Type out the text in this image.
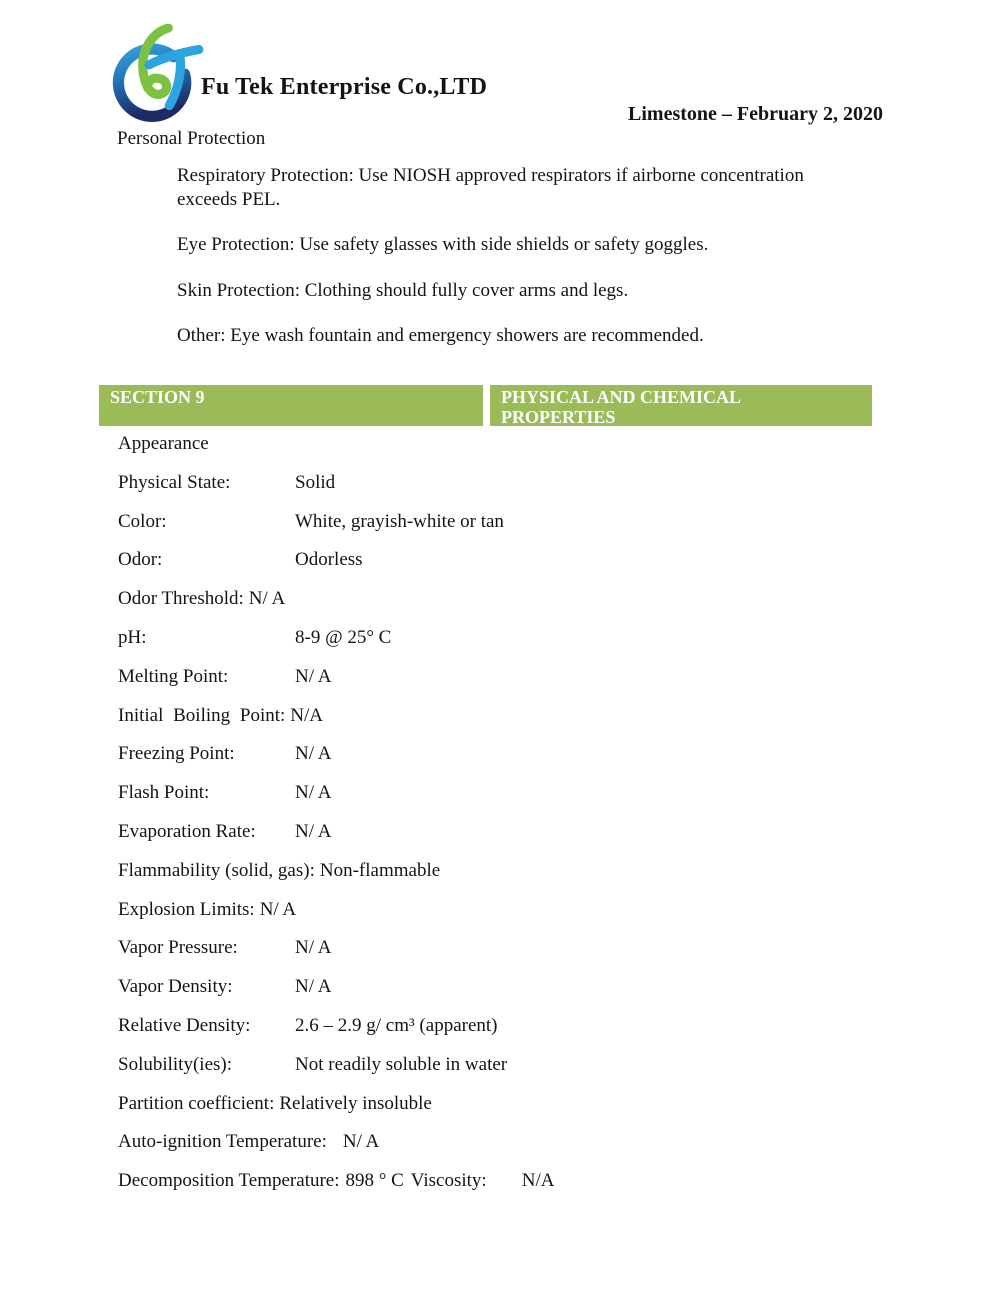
Fu Tek Enterprise Co.,LTD
Limestone – February 2, 2020
Personal Protection

Respiratory Protection: Use NIOSH approved respirators if airborne concentration exceeds PEL.

Eye Protection: Use safety glasses with side shields or safety goggles.

Skin Protection: Clothing should fully cover arms and legs.

Other: Eye wash fountain and emergency showers are recommended.

SECTION 9	PHYSICAL AND CHEMICAL PROPERTIES
Appearance
Physical State:	Solid
Color:	White, grayish-white or tan
Odor:	Odorless
Odor Threshold: N/ A
pH:	8-9 @ 25° C
Melting Point:	N/ A
Initial Boiling Point: N/A
Freezing Point:	N/ A
Flash Point:	N/ A
Evaporation Rate: N/ A
Flammability (solid, gas): Non-flammable
Explosion Limits: N/ A
Vapor Pressure:	N/ A
Vapor Density:	N/ A
Relative Density: 2.6 – 2.9 g/ cm³ (apparent)
Solubility(ies):	Not readily soluble in water
Partition coefficient: Relatively insoluble
Auto-ignition Temperature: N/ A
Decomposition Temperature: 898 ° C Viscosity: N/A
